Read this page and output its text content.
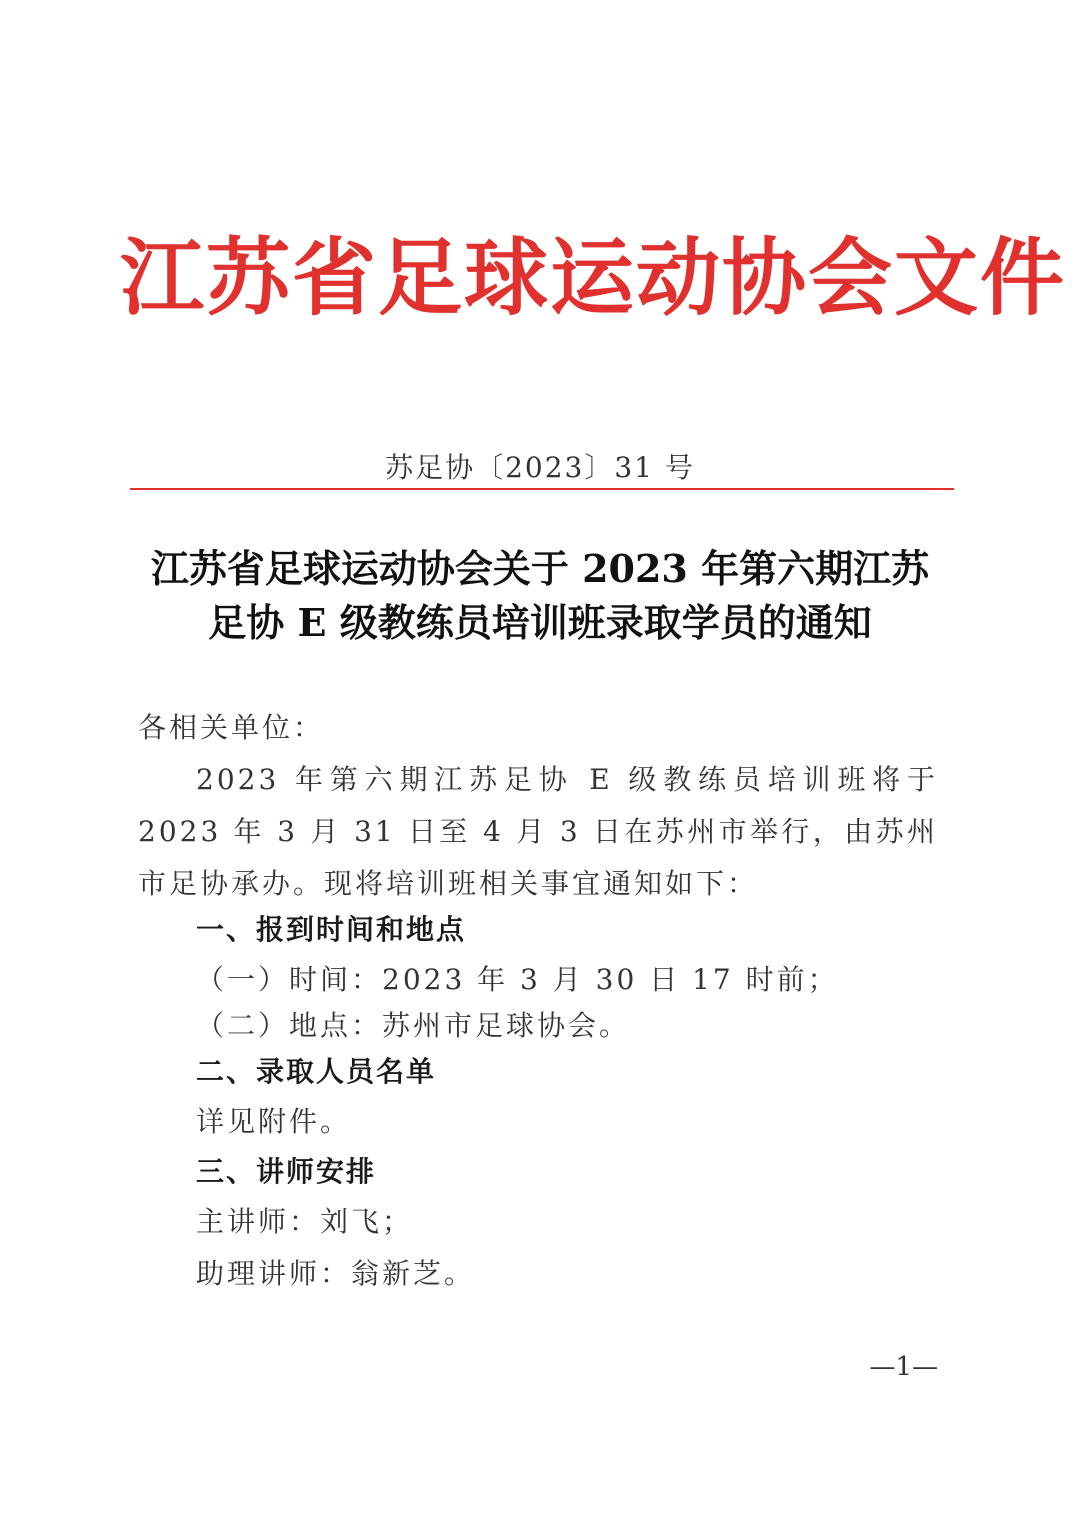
江苏省足球运动协会文件
苏足协〔2023〕31 号
江苏省足球运动协会关于 2023 年第六期江苏
足协 E 级教练员培训班录取学员的通知
各相关单位：
2023 年第六期江苏足协 E 级教练员培训班将于 2023 年 3 月 31 日至 4 月 3 日在苏州市举行，由苏州市足协承办。现将培训班相关事宜通知如下：
一、报到时间和地点
（一）时间：2023 年 3 月 30 日 17 时前；
（二）地点：苏州市足球协会。
二、录取人员名单
详见附件。
三、讲师安排
主讲师：刘飞；
助理讲师：翁新芝。
—1—
